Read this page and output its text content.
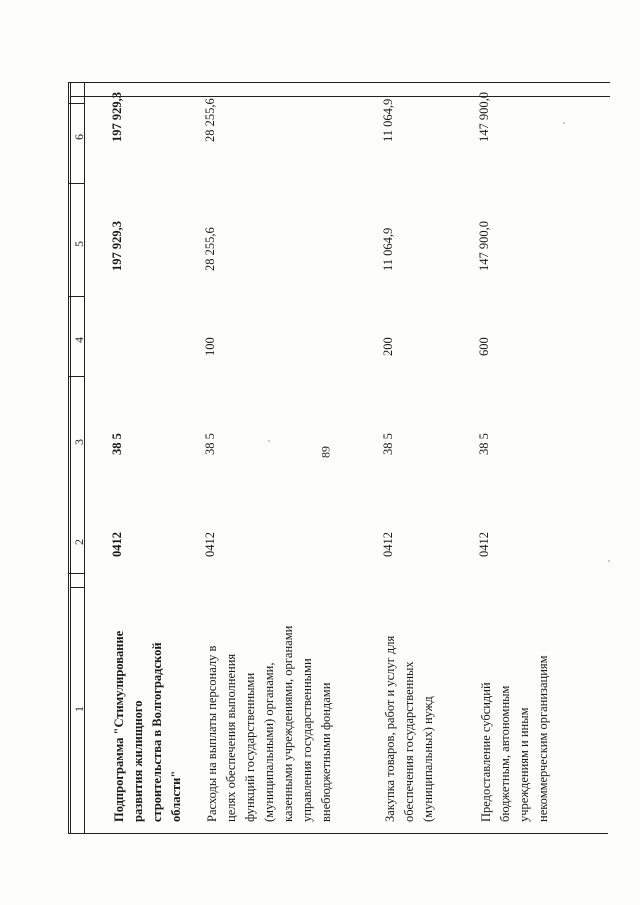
89
1
2
3
4
5
6
Подпрограмма "Стимулирование развития жилищного строительства в Волгоградской области"
0412
38 5
197 929,3
197 929,3
Расходы на выплаты персоналу в целях обеспечения выполнения функций государственными (муниципальными) органами, казенными учреждениями, органами управления государственными внебюджетными фондами
0412
38 5
100
28 255,6
28 255,6
Закупка товаров, работ и услуг для обеспечения государственных (муниципальных) нужд
0412
38 5
200
11 064,9
11 064,9
Предоставление субсидий бюджетным, автономным учреждениям и иным некоммерческим организациям
0412
38 5
600
147 900,0
147 900,0
